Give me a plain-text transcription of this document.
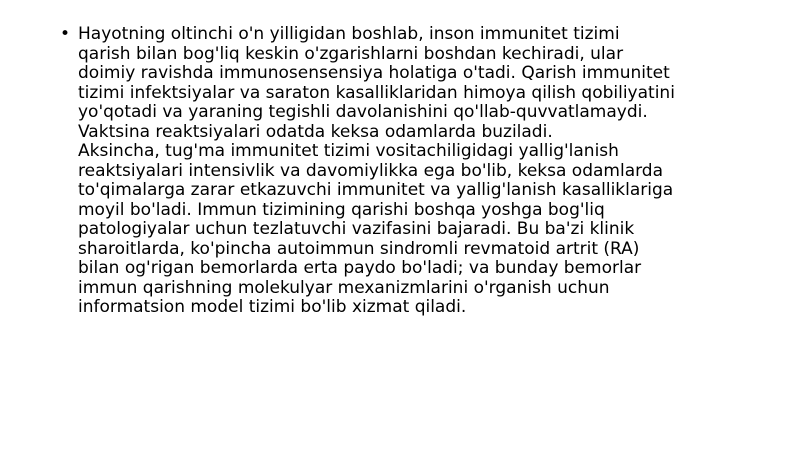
• Hayotning oltinchi o'n yilligidan boshlab, inson immunitet tizimi
qarish bilan bog'liq keskin o'zgarishlarni boshdan kechiradi, ular
doimiy ravishda immunosensensiya holatiga o'tadi. Qarish immunitet
tizimi infektsiyalar va saraton kasalliklaridan himoya qilish qobiliyatini
yo'qotadi va yaraning tegishli davolanishini qo'llab-quvvatlamaydi.
Vaktsina reaktsiyalari odatda keksa odamlarda buziladi.

Aksincha, tug'ma immunitet tizimi vositachiligidagi yallig'lanish
reaktsiyalari intensivlik va davomiylikka ega bo'lib, keksa odamlarda
to'qimalarga zarar etkazuvchi immunitet va yallig'lanish kasalliklariga
moyil bo'ladi. Immun tizimining qarishi boshqa yoshga bog'liq
patologiyalar uchun tezlatuvchi vazifasini bajaradi. Bu ba'zi klinik
sharoitlarda, ko'pincha autoimmun sindromli revmatoid artrit (RA)
bilan og'rigan bemorlarda erta paydo bo'ladi; va bunday bemorlar
immun qarishning molekulyar mexanizmlarini o'rganish uchun
informatsion model tizimi bo'lib xizmat qiladi.
